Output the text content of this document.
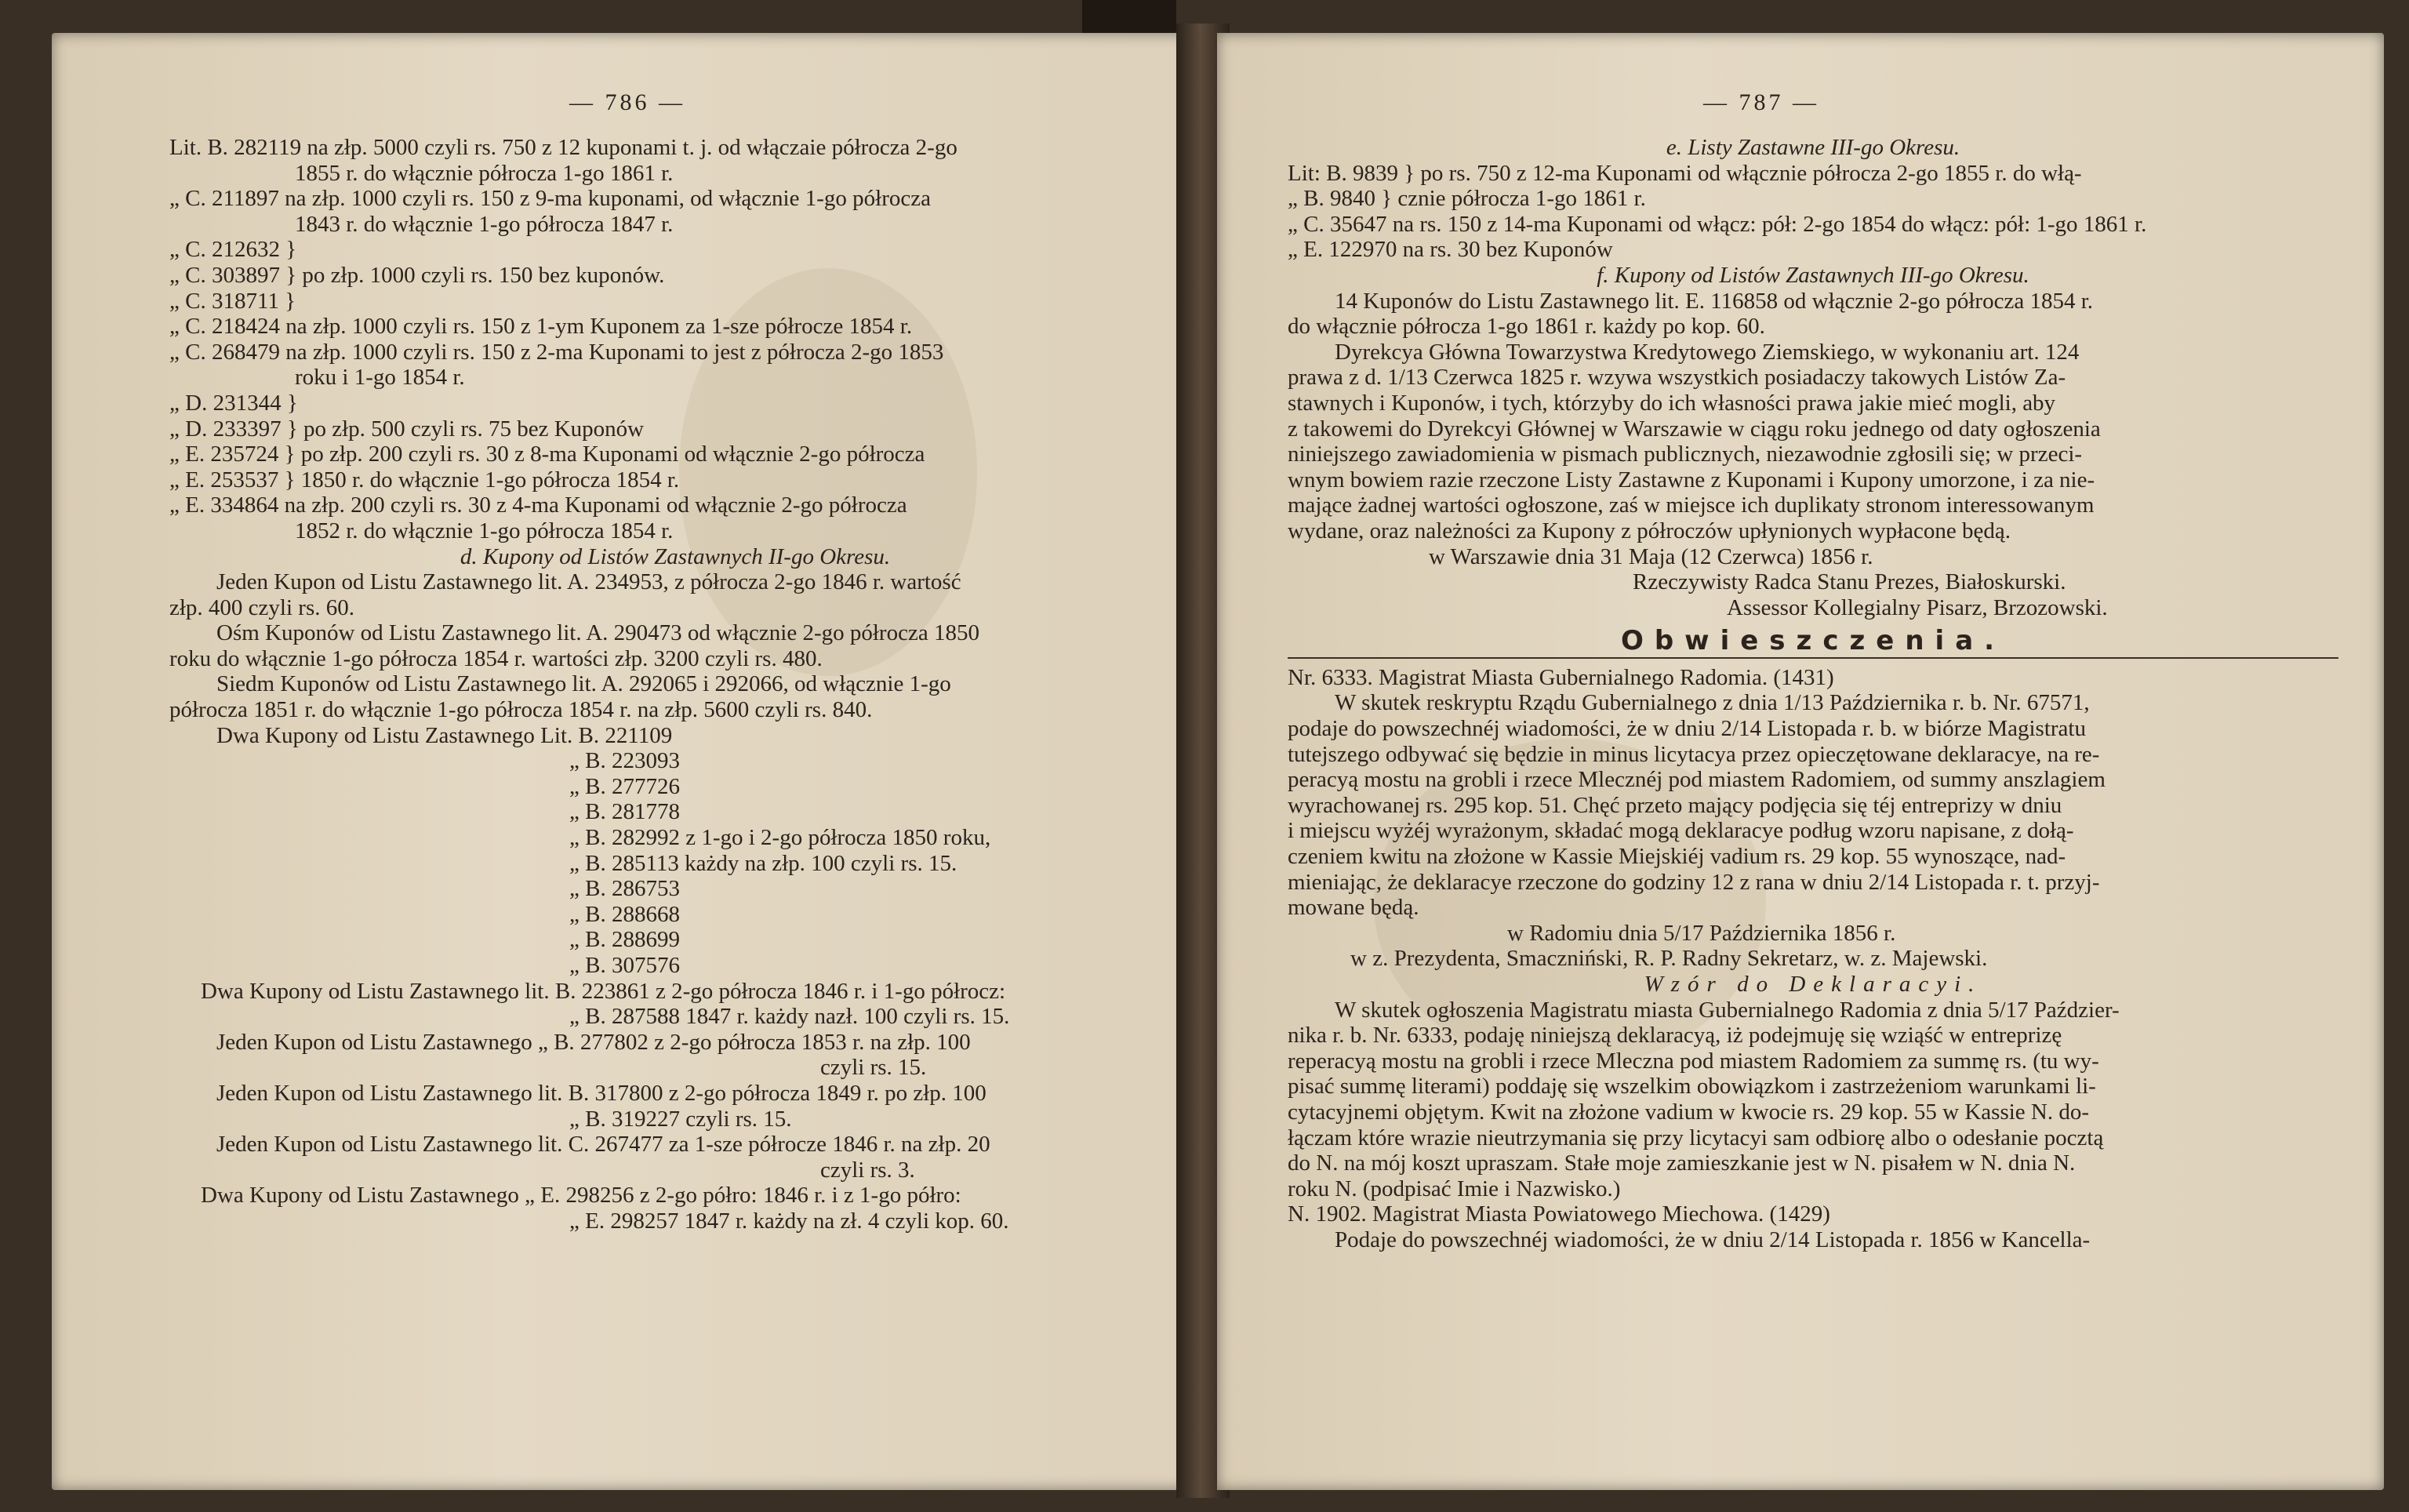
— 786 —
Lit. B. 282119 na złp. 5000 czyli rs. 750 z 12 kuponami t. j. od włączaie półrocza 2-go
1855 r. do włącznie półrocza 1-go 1861 r.
„ C. 211897 na złp. 1000 czyli rs. 150 z 9-ma kuponami, od włącznie 1-go półrocza
1843 r. do włącznie 1-go półrocza 1847 r.
„ C. 212632 }
„ C. 303897 } po złp. 1000 czyli rs. 150 bez kuponów.
„ C. 318711 }
„ C. 218424 na złp. 1000 czyli rs. 150 z 1-ym Kuponem za 1-sze półrocze 1854 r.
„ C. 268479 na złp. 1000 czyli rs. 150 z 2-ma Kuponami to jest z półrocza 2-go 1853
roku i 1-go 1854 r.
„ D. 231344 }
„ D. 233397 } po złp. 500 czyli rs. 75 bez Kuponów
„ E. 235724 } po złp. 200 czyli rs. 30 z 8-ma Kuponami od włącznie 2-go półrocza
„ E. 253537 } 1850 r. do włącznie 1-go półrocza 1854 r.
„ E. 334864 na złp. 200 czyli rs. 30 z 4-ma Kuponami od włącznie 2-go półrocza
1852 r. do włącznie 1-go półrocza 1854 r.
d. Kupony od Listów Zastawnych II-go Okresu.
Jeden Kupon od Listu Zastawnego lit. A. 234953, z półrocza 2-go 1846 r. wartość
złp. 400 czyli rs. 60.
Ośm Kuponów od Listu Zastawnego lit. A. 290473 od włącznie 2-go półrocza 1850
roku do włącznie 1-go półrocza 1854 r. wartości złp. 3200 czyli rs. 480.
Siedm Kuponów od Listu Zastawnego lit. A. 292065 i 292066, od włącznie 1-go
półrocza 1851 r. do włącznie 1-go półrocza 1854 r. na złp. 5600 czyli rs. 840.
Dwa Kupony od Listu Zastawnego Lit. B. 221109
„ B. 223093
„ B. 277726
„ B. 281778
„ B. 282992 z 1-go i 2-go półrocza 1850 roku,
„ B. 285113 każdy na złp. 100 czyli rs. 15.
„ B. 286753
„ B. 288668
„ B. 288699
„ B. 307576
Dwa Kupony od Listu Zastawnego lit. B. 223861 z 2-go półrocza 1846 r. i 1-go półrocz:
„ B. 287588 1847 r. każdy nazł. 100 czyli rs. 15.
Jeden Kupon od Listu Zastawnego „ B. 277802 z 2-go półrocza 1853 r. na złp. 100
czyli rs. 15.
Jeden Kupon od Listu Zastawnego lit. B. 317800 z 2-go półrocza 1849 r. po złp. 100
„ B. 319227 czyli rs. 15.
Jeden Kupon od Listu Zastawnego lit. C. 267477 za 1-sze półrocze 1846 r. na złp. 20
czyli rs. 3.
Dwa Kupony od Listu Zastawnego „ E. 298256 z 2-go półro: 1846 r. i z 1-go półro:
„ E. 298257 1847 r. każdy na zł. 4 czyli kop. 60.
— 787 —
e. Listy Zastawne III-go Okresu.
Lit: B. 9839 } po rs. 750 z 12-ma Kuponami od włącznie półrocza 2-go 1855 r. do włą-
„ B. 9840 } cznie półrocza 1-go 1861 r.
„ C. 35647 na rs. 150 z 14-ma Kuponami od włącz: pół: 2-go 1854 do włącz: pół: 1-go 1861 r.
„ E. 122970 na rs. 30 bez Kuponów
f. Kupony od Listów Zastawnych III-go Okresu.
14 Kuponów do Listu Zastawnego lit. E. 116858 od włącznie 2-go półrocza 1854 r.
do włącznie półrocza 1-go 1861 r. każdy po kop. 60.
Dyrekcya Główna Towarzystwa Kredytowego Ziemskiego, w wykonaniu art. 124
prawa z d. 1/13 Czerwca 1825 r. wzywa wszystkich posiadaczy takowych Listów Za-
stawnych i Kuponów, i tych, którzyby do ich własności prawa jakie mieć mogli, aby
z takowemi do Dyrekcyi Głównej w Warszawie w ciągu roku jednego od daty ogłoszenia
niniejszego zawiadomienia w pismach publicznych, niezawodnie zgłosili się; w przeci-
wnym bowiem razie rzeczone Listy Zastawne z Kuponami i Kupony umorzone, i za nie-
mające żadnej wartości ogłoszone, zaś w miejsce ich duplikaty stronom interessowanym
wydane, oraz należności za Kupony z półroczów upłynionych wypłacone będą.
w Warszawie dnia 31 Maja (12 Czerwca) 1856 r.
Rzeczywisty Radca Stanu Prezes, Białoskurski.
Assessor Kollegialny Pisarz, Brzozowski.
Obwieszczenia.
Nr. 6333. Magistrat Miasta Gubernialnego Radomia. (1431)
W skutek reskryptu Rządu Gubernialnego z dnia 1/13 Października r. b. Nr. 67571,
podaje do powszechnéj wiadomości, że w dniu 2/14 Listopada r. b. w biórze Magistratu
tutejszego odbywać się będzie in minus licytacya przez opieczętowane deklaracye, na re-
peracyą mostu na grobli i rzece Mlecznéj pod miastem Radomiem, od summy anszlagiem
wyrachowanej rs. 295 kop. 51. Chęć przeto mający podjęcia się téj entreprizy w dniu
i miejscu wyżéj wyrażonym, składać mogą deklaracye podług wzoru napisane, z dołą-
czeniem kwitu na złożone w Kassie Miejskiéj vadium rs. 29 kop. 55 wynoszące, nad-
mieniając, że deklaracye rzeczone do godziny 12 z rana w dniu 2/14 Listopada r. t. przyj-
mowane będą.
w Radomiu dnia 5/17 Października 1856 r.
w z. Prezydenta, Smaczniński, R. P. Radny Sekretarz, w. z. Majewski.
Wzór do Deklaracyi.
W skutek ogłoszenia Magistratu miasta Gubernialnego Radomia z dnia 5/17 Paździer-
nika r. b. Nr. 6333, podaję niniejszą deklaracyą, iż podejmuję się wziąść w entreprizę
reperacyą mostu na grobli i rzece Mleczna pod miastem Radomiem za summę rs. (tu wy-
pisać summę literami) poddaję się wszelkim obowiązkom i zastrzeżeniom warunkami li-
cytacyjnemi objętym. Kwit na złożone vadium w kwocie rs. 29 kop. 55 w Kassie N. do-
łączam które wrazie nieutrzymania się przy licytacyi sam odbiorę albo o odesłanie pocztą
do N. na mój koszt upraszam. Stałe moje zamieszkanie jest w N. pisałem w N. dnia N.
roku N. (podpisać Imie i Nazwisko.)
N. 1902. Magistrat Miasta Powiatowego Miechowa. (1429)
Podaje do powszechnéj wiadomości, że w dniu 2/14 Listopada r. 1856 w Kancella-
